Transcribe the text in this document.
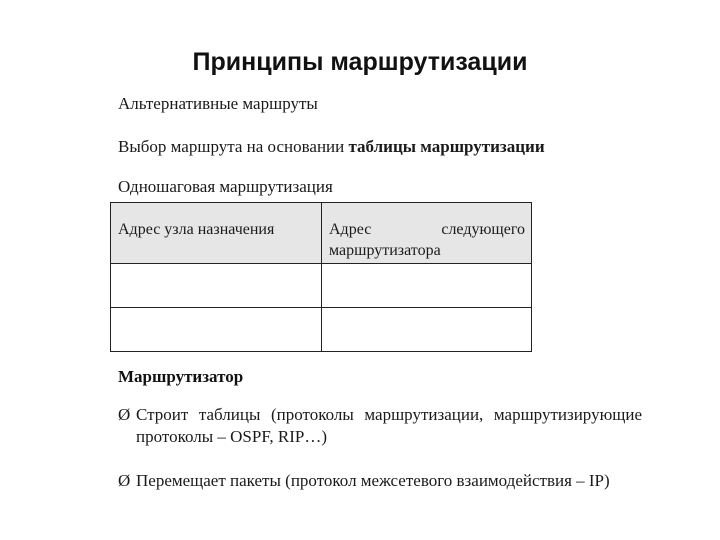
Принципы маршрутизации
Альтернативные маршруты
Выбор маршрута на основании таблицы маршрутизации
Одношаговая маршрутизация
Адрес узла назначения	Адрес следующего маршрутизатора

Маршрутизатор
Ø Строит таблицы (протоколы маршрутизации, маршрутизирующие протоколы – OSPF, RIP…)
Ø Перемещает пакеты (протокол межсетевого взаимодействия – IP)
